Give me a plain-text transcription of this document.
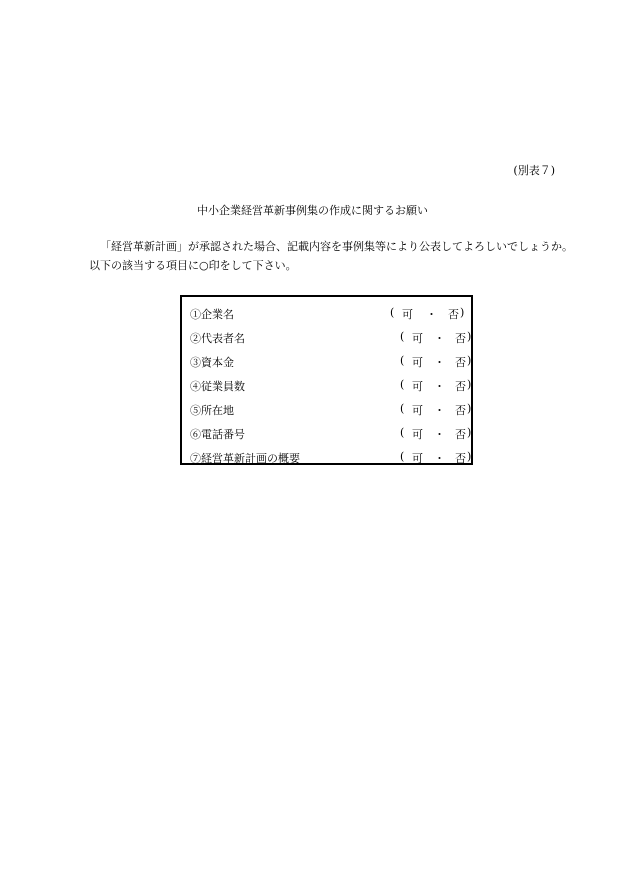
(別表７)
中小企業経営革新事例集の作成に関するお願い

「経営革新計画」が承認された場合、記載内容を事例集等により公表してよろしいでしょうか。

以下の該当する項目に○印をして下さい。

①企業名	( 可 ・ 否 )
②代表者名	( 可 ・ 否 )
③資本金	( 可 ・ 否 )
④従業員数	( 可 ・ 否 )
⑤所在地	( 可 ・ 否 )
⑥電話番号	( 可 ・ 否 )
⑦経営革新計画の概要	( 可 ・ 否 )
